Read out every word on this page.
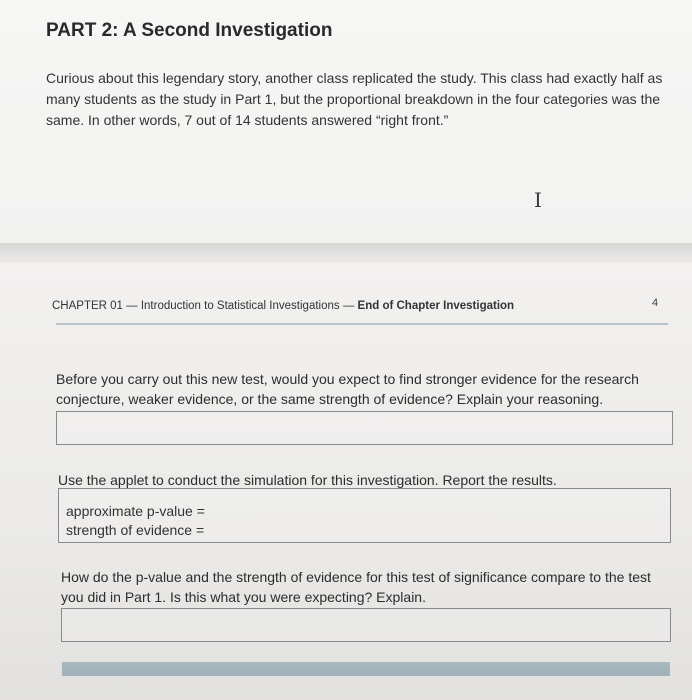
PART 2: A Second Investigation

Curious about this legendary story, another class replicated the study. This class had exactly half as many students as the study in Part 1, but the proportional breakdown in the four categories was the same. In other words, 7 out of 14 students answered “right front.”

I
CHAPTER 01 — Introduction to Statistical Investigations — End of Chapter Investigation	4

Before you carry out this new test, would you expect to find stronger evidence for the research conjecture, weaker evidence, or the same strength of evidence? Explain your reasoning.

Use the applet to conduct the simulation for this investigation. Report the results.

approximate p-value =
strength of evidence =

How do the p-value and the strength of evidence for this test of significance compare to the test you did in Part 1. Is this what you were expecting? Explain.
